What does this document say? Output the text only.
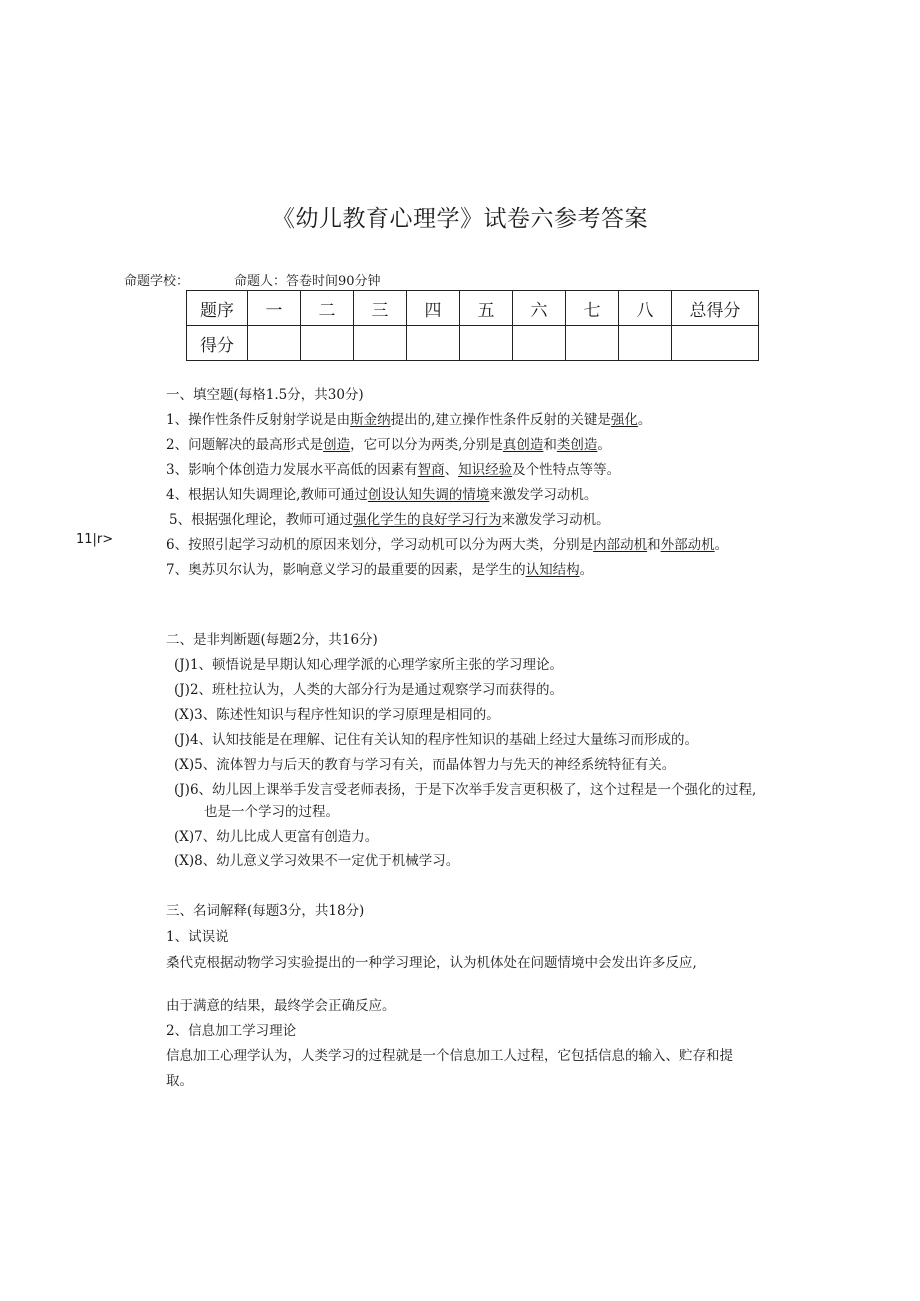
《幼儿教育心理学》试卷六参考答案
命题学校：	命题人：答卷时间90分钟
题序	一	二	三	四	五	六	七	八	总得分
得分									
一、填空题(每格1.5分，共30分)
1、操作性条件反射射学说是由斯金纳提出的,建立操作性条件反射的关键是强化。
2、问题解决的最高形式是创造，它可以分为两类,分别是真创造和类创造。
3、影响个体创造力发展水平高低的因素有智商、知识经验及个性特点等等。
4、根据认知失调理论,教师可通过创设认知失调的情境来激发学习动机。
5、根据强化理论，教师可通过强化学生的良好学习行为来激发学习动机。
11|r>	6、按照引起学习动机的原因来划分，学习动机可以分为两大类，分别是内部动机和外部动机。
7、奥苏贝尔认为，影响意义学习的最重要的因素，是学生的认知结构。
二、是非判断题(每题2分，共16分)
(J)1、顿悟说是早期认知心理学派的心理学家所主张的学习理论。
(J)2、班杜拉认为，人类的大部分行为是通过观察学习而获得的。
(X)3、陈述性知识与程序性知识的学习原理是相同的。
(J)4、认知技能是在理解、记住有关认知的程序性知识的基础上经过大量练习而形成的。
(X)5、流体智力与后天的教育与学习有关，而晶体智力与先天的神经系统特征有关。
(J)6、幼儿因上课举手发言受老师表扬，于是下次举手发言更积极了，这个过程是一个强化的过程,
也是一个学习的过程。
(X)7、幼儿比成人更富有创造力。
(X)8、幼儿意义学习效果不一定优于机械学习。
三、名词解释(每题3分，共18分)
1、试误说
桑代克根据动物学习实验提出的一种学习理论，认为机体处在问题情境中会发出许多反应,
由于满意的结果，最终学会正确反应。
2、信息加工学习理论
信息加工心理学认为，人类学习的过程就是一个信息加工人过程，它包括信息的输入、贮存和提
取。
